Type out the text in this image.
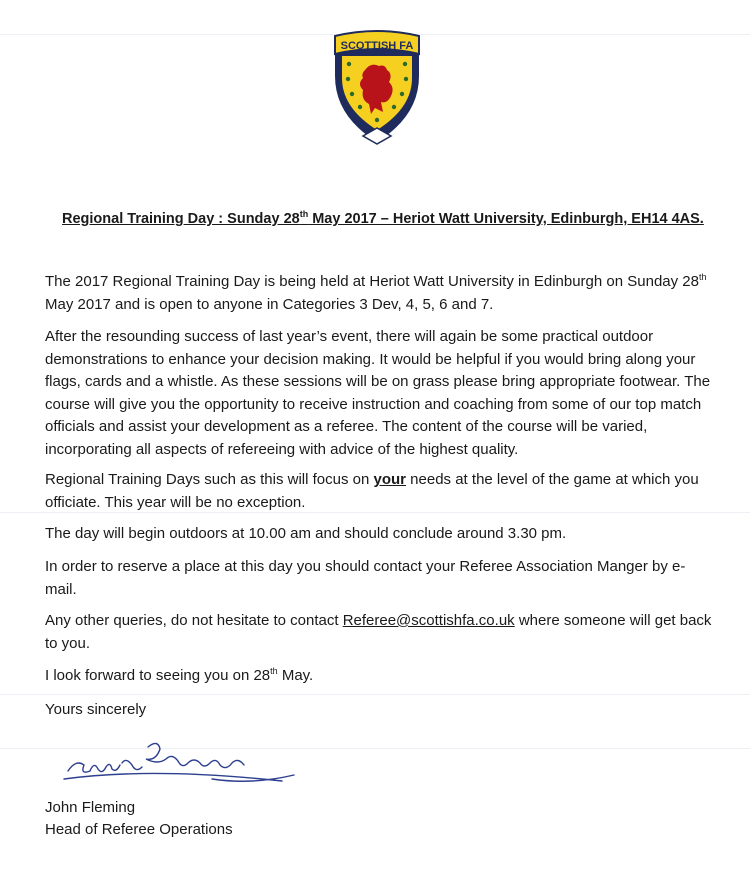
SCOTTISH FA
Regional Training Day : Sunday 28th May 2017 – Heriot Watt University, Edinburgh, EH14 4AS.
The 2017 Regional Training Day is being held at Heriot Watt University in Edinburgh on Sunday 28th May 2017 and is open to anyone in Categories 3 Dev, 4, 5, 6 and 7.
After the resounding success of last year’s event, there will again be some practical outdoor demonstrations to enhance your decision making. It would be helpful if you would bring along your flags, cards and a whistle. As these sessions will be on grass please bring appropriate footwear. The course will give you the opportunity to receive instruction and coaching from some of our top match officials and assist your development as a referee. The content of the course will be varied, incorporating all aspects of refereeing with advice of the highest quality.
Regional Training Days such as this will focus on your needs at the level of the game at which you officiate. This year will be no exception.
The day will begin outdoors at 10.00 am and should conclude around 3.30 pm.
In order to reserve a place at this day you should contact your Referee Association Manger by e-mail.
Any other queries, do not hesitate to contact Referee@scottishfa.co.uk where someone will get back to you.
I look forward to seeing you on 28th May.
Yours sincerely
John Fleming
Head of Referee Operations
